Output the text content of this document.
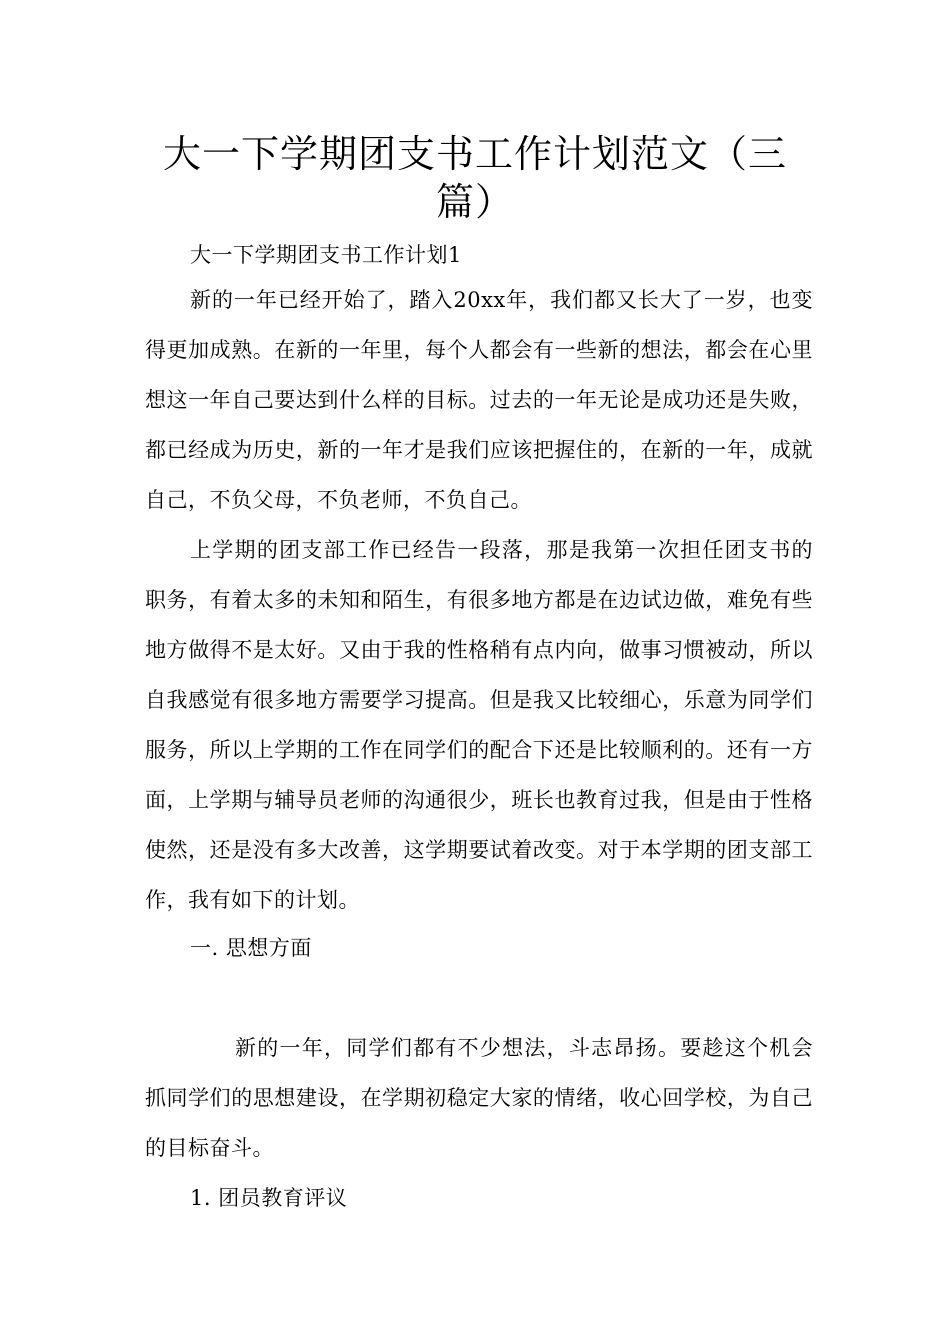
大一下学期团支书工作计划范文（三篇）

大一下学期团支书工作计划1

新的一年已经开始了，踏入20xx年，我们都又长大了一岁，也变得更加成熟。在新的一年里，每个人都会有一些新的想法，都会在心里想这一年自己要达到什么样的目标。过去的一年无论是成功还是失败，都已经成为历史，新的一年才是我们应该把握住的，在新的一年，成就自己，不负父母，不负老师，不负自己。

上学期的团支部工作已经告一段落，那是我第一次担任团支书的职务，有着太多的未知和陌生，有很多地方都是在边试边做，难免有些地方做得不是太好。又由于我的性格稍有点内向，做事习惯被动，所以自我感觉有很多地方需要学习提高。但是我又比较细心，乐意为同学们服务，所以上学期的工作在同学们的配合下还是比较顺利的。还有一方面，上学期与辅导员老师的沟通很少，班长也教育过我，但是由于性格使然，还是没有多大改善，这学期要试着改变。对于本学期的团支部工作，我有如下的计划。

一. 思想方面

新的一年，同学们都有不少想法，斗志昂扬。要趁这个机会抓同学们的思想建设，在学期初稳定大家的情绪，收心回学校，为自己的目标奋斗。

1. 团员教育评议
